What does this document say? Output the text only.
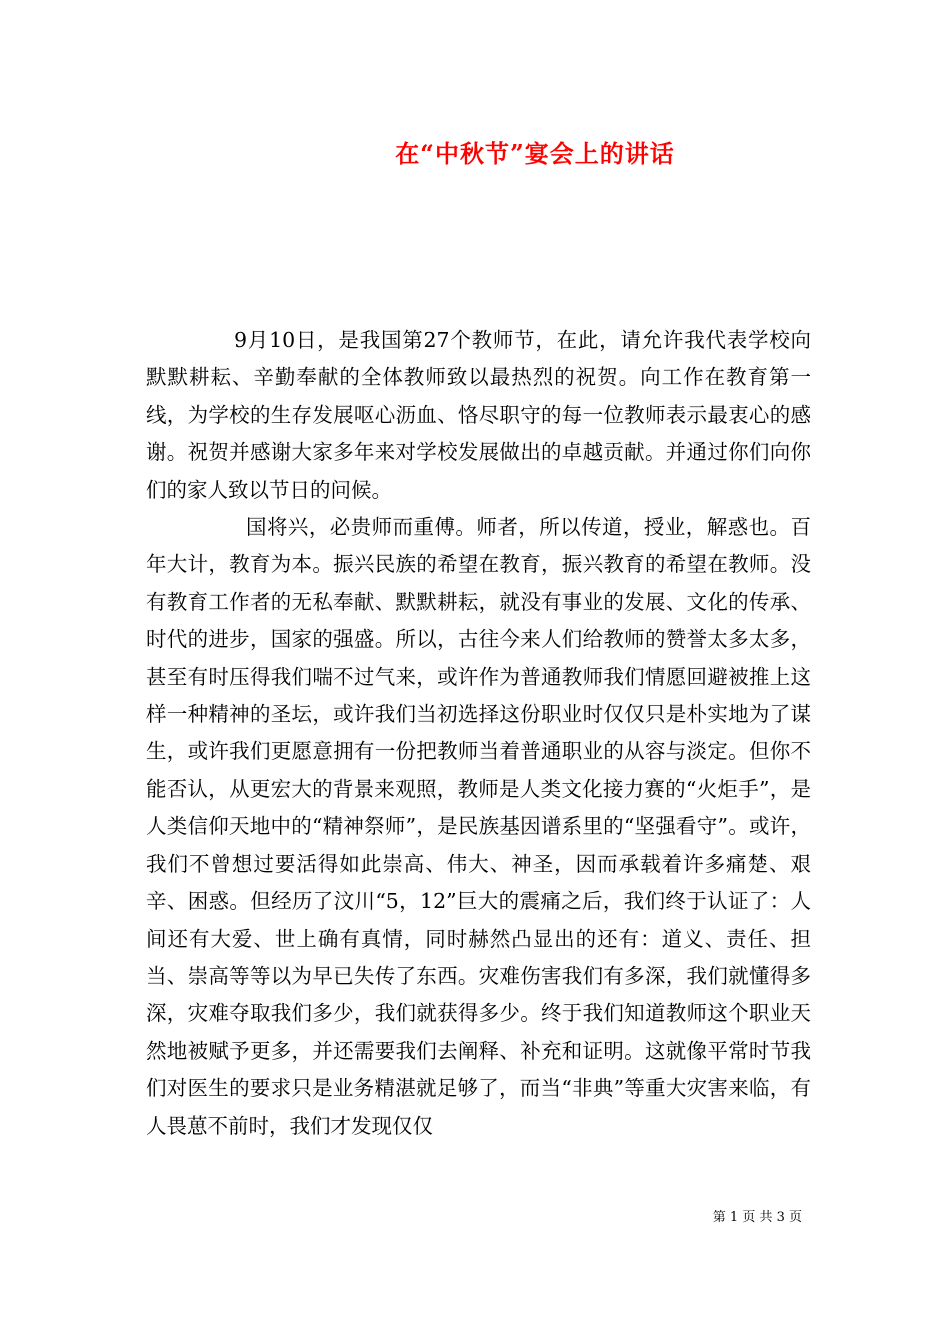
在“中秋节”宴会上的讲话

9月10日，是我国第27个教师节，在此，请允许我代表学校向默默耕耘、辛勤奉献的全体教师致以最热烈的祝贺。向工作在教育第一线，为学校的生存发展呕心沥血、恪尽职守的每一位教师表示最衷心的感谢。祝贺并感谢大家多年来对学校发展做出的卓越贡献。并通过你们向你们的家人致以节日的问候。

国将兴，必贵师而重傅。师者，所以传道，授业，解惑也。百年大计，教育为本。振兴民族的希望在教育，振兴教育的希望在教师。没有教育工作者的无私奉献、默默耕耘，就没有事业的发展、文化的传承、时代的进步，国家的强盛。所以，古往今来人们给教师的赞誉太多太多，甚至有时压得我们喘不过气来，或许作为普通教师我们情愿回避被推上这样一种精神的圣坛，或许我们当初选择这份职业时仅仅只是朴实地为了谋生，或许我们更愿意拥有一份把教师当着普通职业的从容与淡定。但你不能否认，从更宏大的背景来观照，教师是人类文化接力赛的“火炬手”，是人类信仰天地中的“精神祭师”，是民族基因谱系里的“坚强看守”。或许，我们不曾想过要活得如此崇高、伟大、神圣，因而承载着许多痛楚、艰辛、困惑。但经历了汶川“5，12”巨大的震痛之后，我们终于认证了：人间还有大爱、世上确有真情，同时赫然凸显出的还有：道义、责任、担当、崇高等等以为早已失传了东西。灾难伤害我们有多深，我们就懂得多深，灾难夺取我们多少，我们就获得多少。终于我们知道教师这个职业天然地被赋予更多，并还需要我们去阐释、补充和证明。这就像平常时节我们对医生的要求只是业务精湛就足够了，而当“非典”等重大灾害来临，有人畏葸不前时，我们才发现仅仅

第 1 页 共 3 页
